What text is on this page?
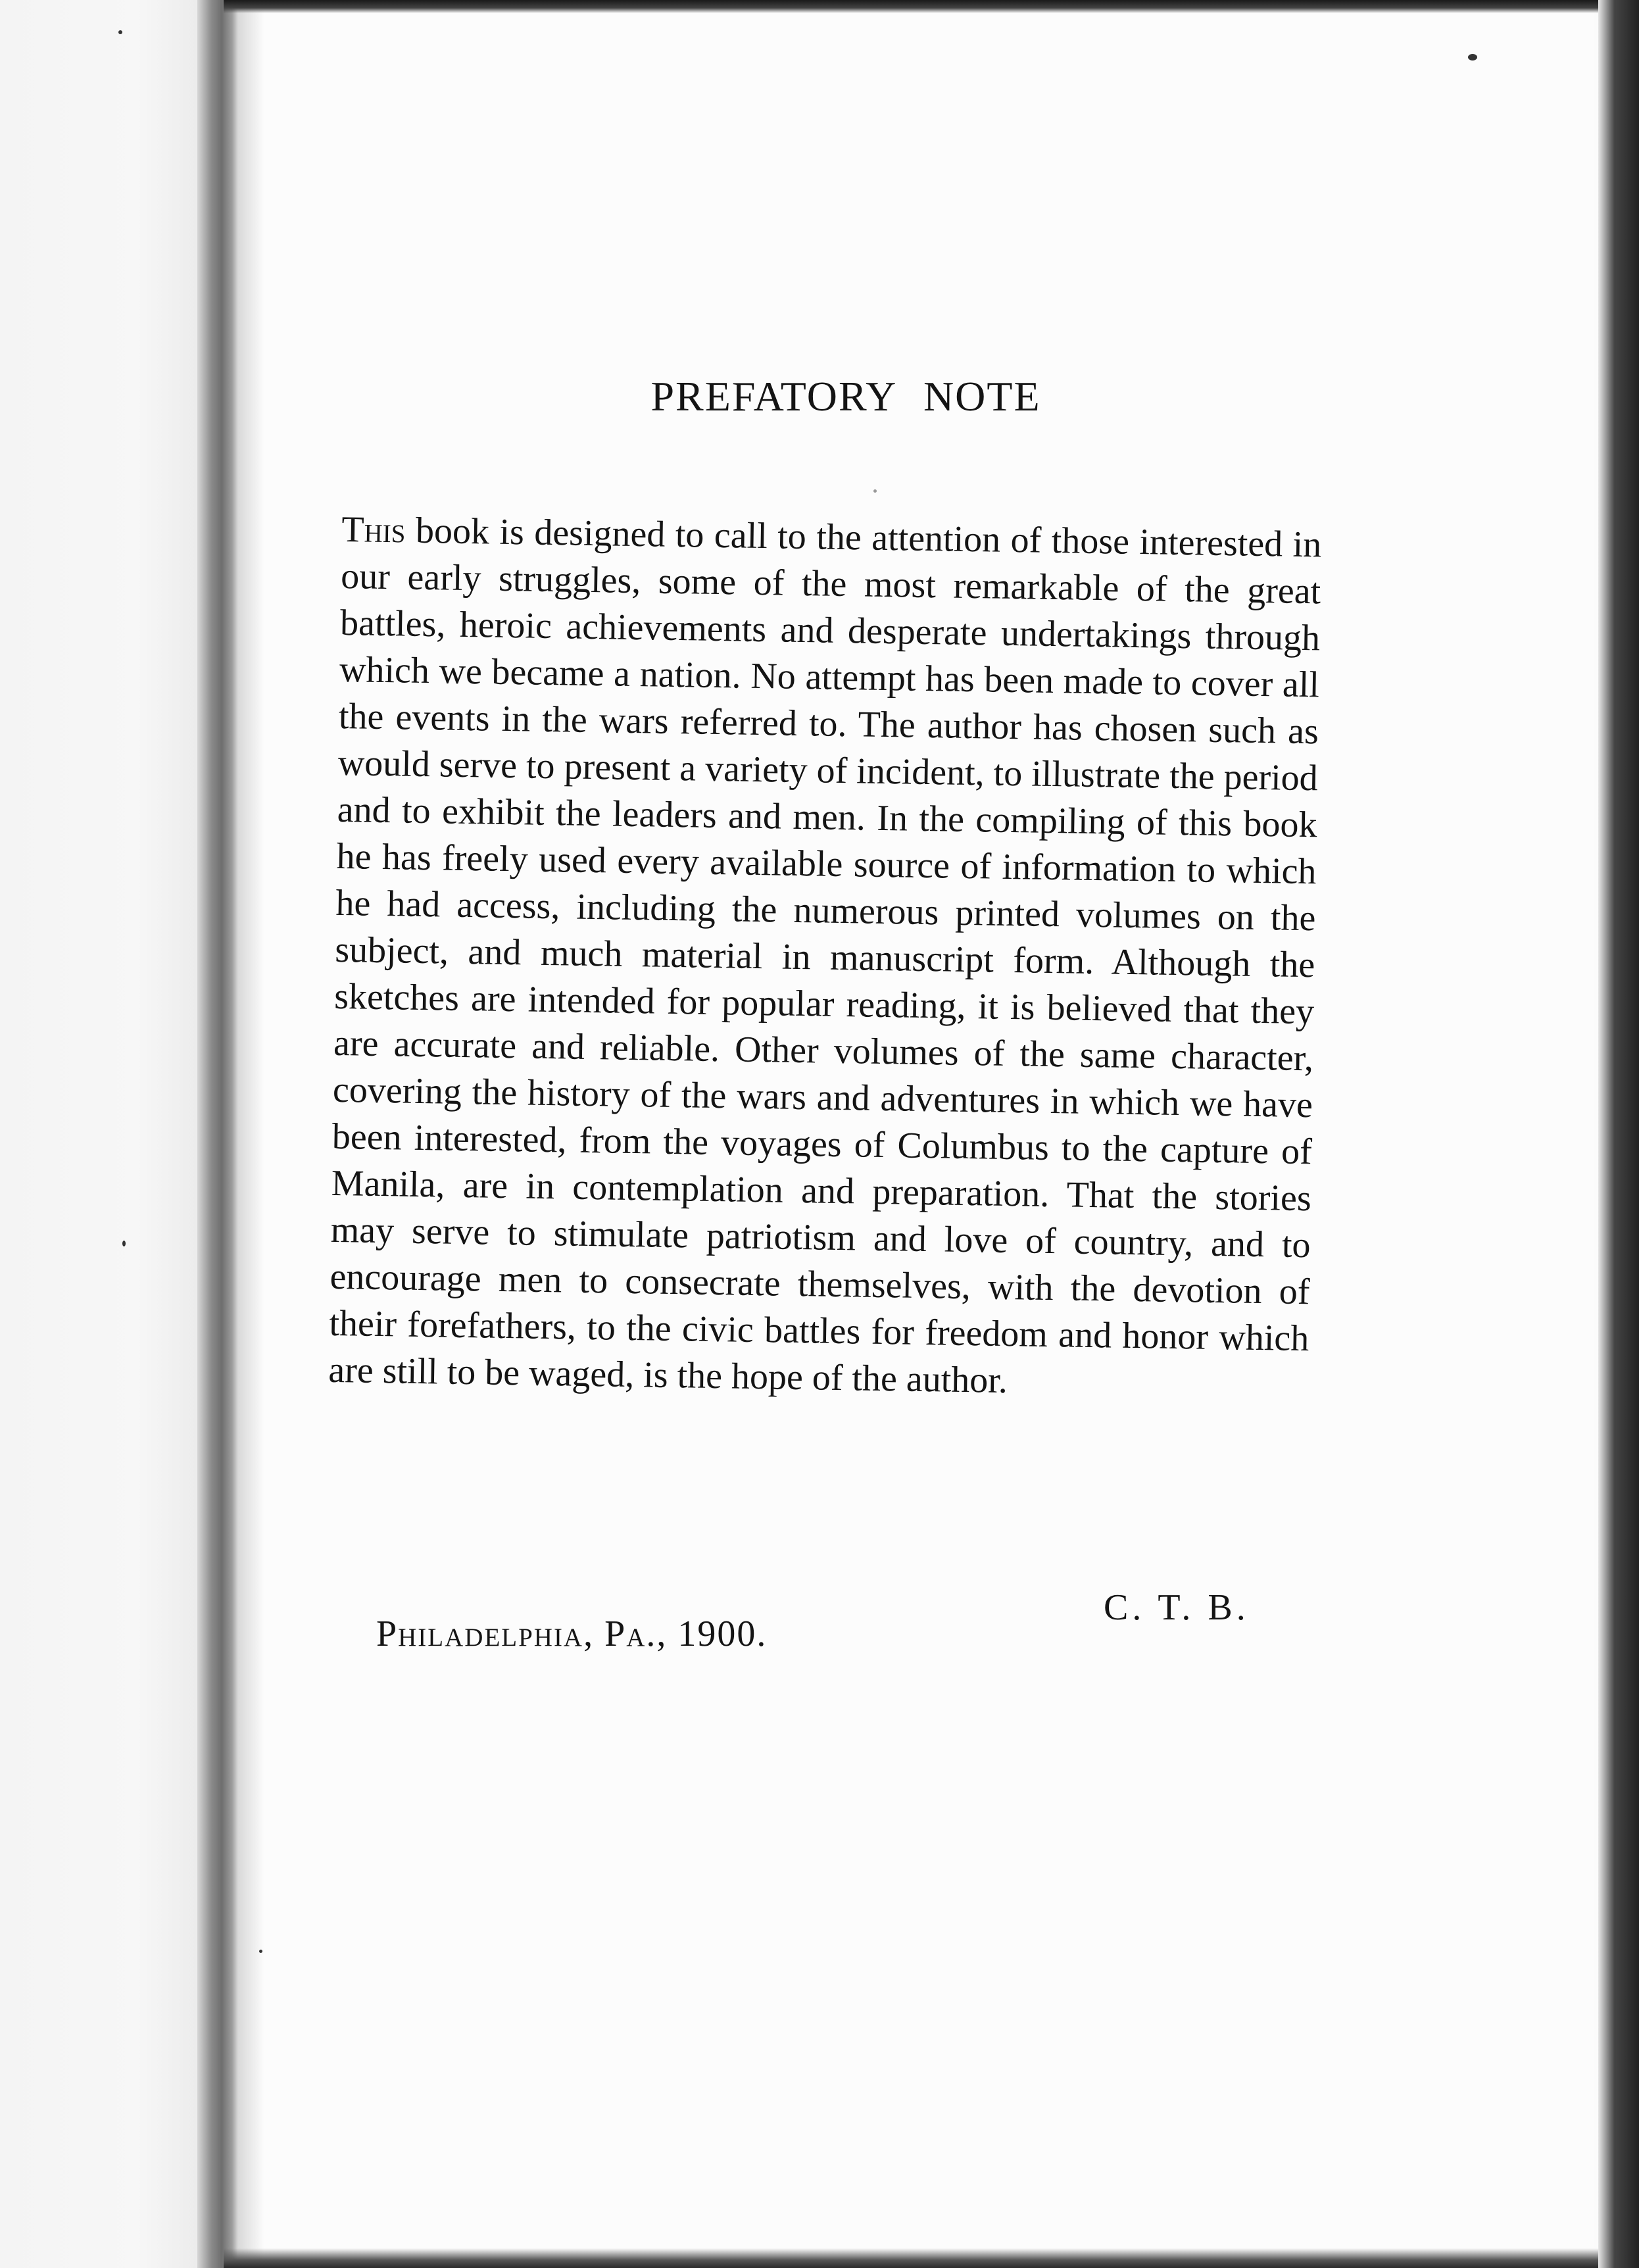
PREFATORY NOTE
This book is designed to call to the attention of those interested in our early struggles, some of the most remarkable of the great battles, heroic achievements and desperate undertakings through which we became a nation. No attempt has been made to cover all the events in the wars referred to. The author has chosen such as would serve to present a variety of incident, to illustrate the period and to exhibit the leaders and men. In the compiling of this book he has freely used every available source of information to which he had access, including the numerous printed volumes on the subject, and much material in manuscript form. Although the sketches are intended for popular reading, it is believed that they are accurate and reliable. Other volumes of the same character, covering the history of the wars and adventures in which we have been interested, from the voyages of Columbus to the capture of Manila, are in contemplation and preparation. That the stories may serve to stimulate patriotism and love of country, and to encourage men to consecrate themselves, with the devotion of their forefathers, to the civic battles for freedom and honor which are still to be waged, is the hope of the author.
C. T. B.
Philadelphia, Pa., 1900.
